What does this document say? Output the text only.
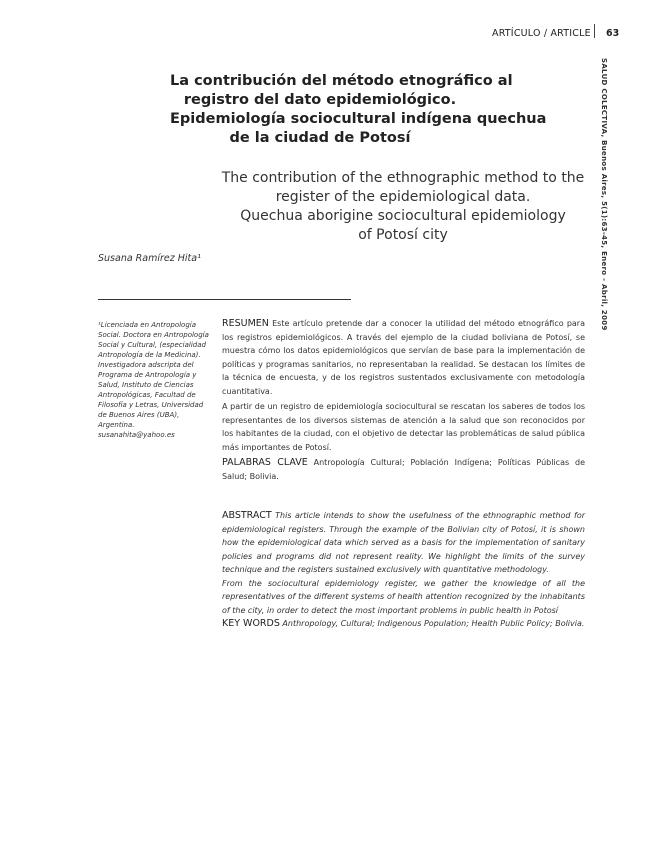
ARTÍCULO / ARTICLE 63
SALUD COLECTIVA, Buenos Aires, 5(1):63-45, Enero - Abril, 2009
La contribución del método etnográfico al
registro del dato epidemiológico.
Epidemiología sociocultural indígena quechua
de la ciudad de Potosí
The contribution of the ethnographic method to the
register of the epidemiological data.
Quechua aborigine sociocultural epidemiology
of Potosí city
Susana Ramírez Hita¹
¹Licenciada en Antropología Social. Doctora en Antropología Social y Cultural, (especialidad Antropología de la Medicina). Investigadora adscripta del Programa de Antropología y Salud, Instituto de Ciencias Antropológicas, Facultad de Filosofía y Letras, Universidad de Buenos Aires (UBA), Argentina. susanahita@yahoo.es

RESUMEN Este artículo pretende dar a conocer la utilidad del método etnográfico para los registros epidemiológicos. A través del ejemplo de la ciudad boliviana de Potosí, se muestra cómo los datos epidemiológicos que servían de base para la implementación de políticas y programas sanitarios, no representaban la realidad. Se destacan los límites de la técnica de encuesta, y de los registros sustentados exclusivamente con metodología cuantitativa.

A partir de un registro de epidemiología sociocultural se rescatan los saberes de todos los representantes de los diversos sistemas de atención a la salud que son reconocidos por los habitantes de la ciudad, con el objetivo de detectar las problemáticas de salud pública más importantes de Potosí.

PALABRAS CLAVE Antropología Cultural; Población Indígena; Políticas Públicas de Salud; Bolivia.

ABSTRACT This article intends to show the usefulness of the ethnographic method for epidemiological registers. Through the example of the Bolivian city of Potosí, it is shown how the epidemiological data which served as a basis for the implementation of sanitary policies and programs did not represent reality. We highlight the limits of the survey technique and the registers sustained exclusively with quantitative methodology.

From the sociocultural epidemiology register, we gather the knowledge of all the representatives of the different systems of health attention recognized by the inhabitants of the city, in order to detect the most important problems in public health in Potosí

KEY WORDS Anthropology, Cultural; Indigenous Population; Health Public Policy; Bolivia.
